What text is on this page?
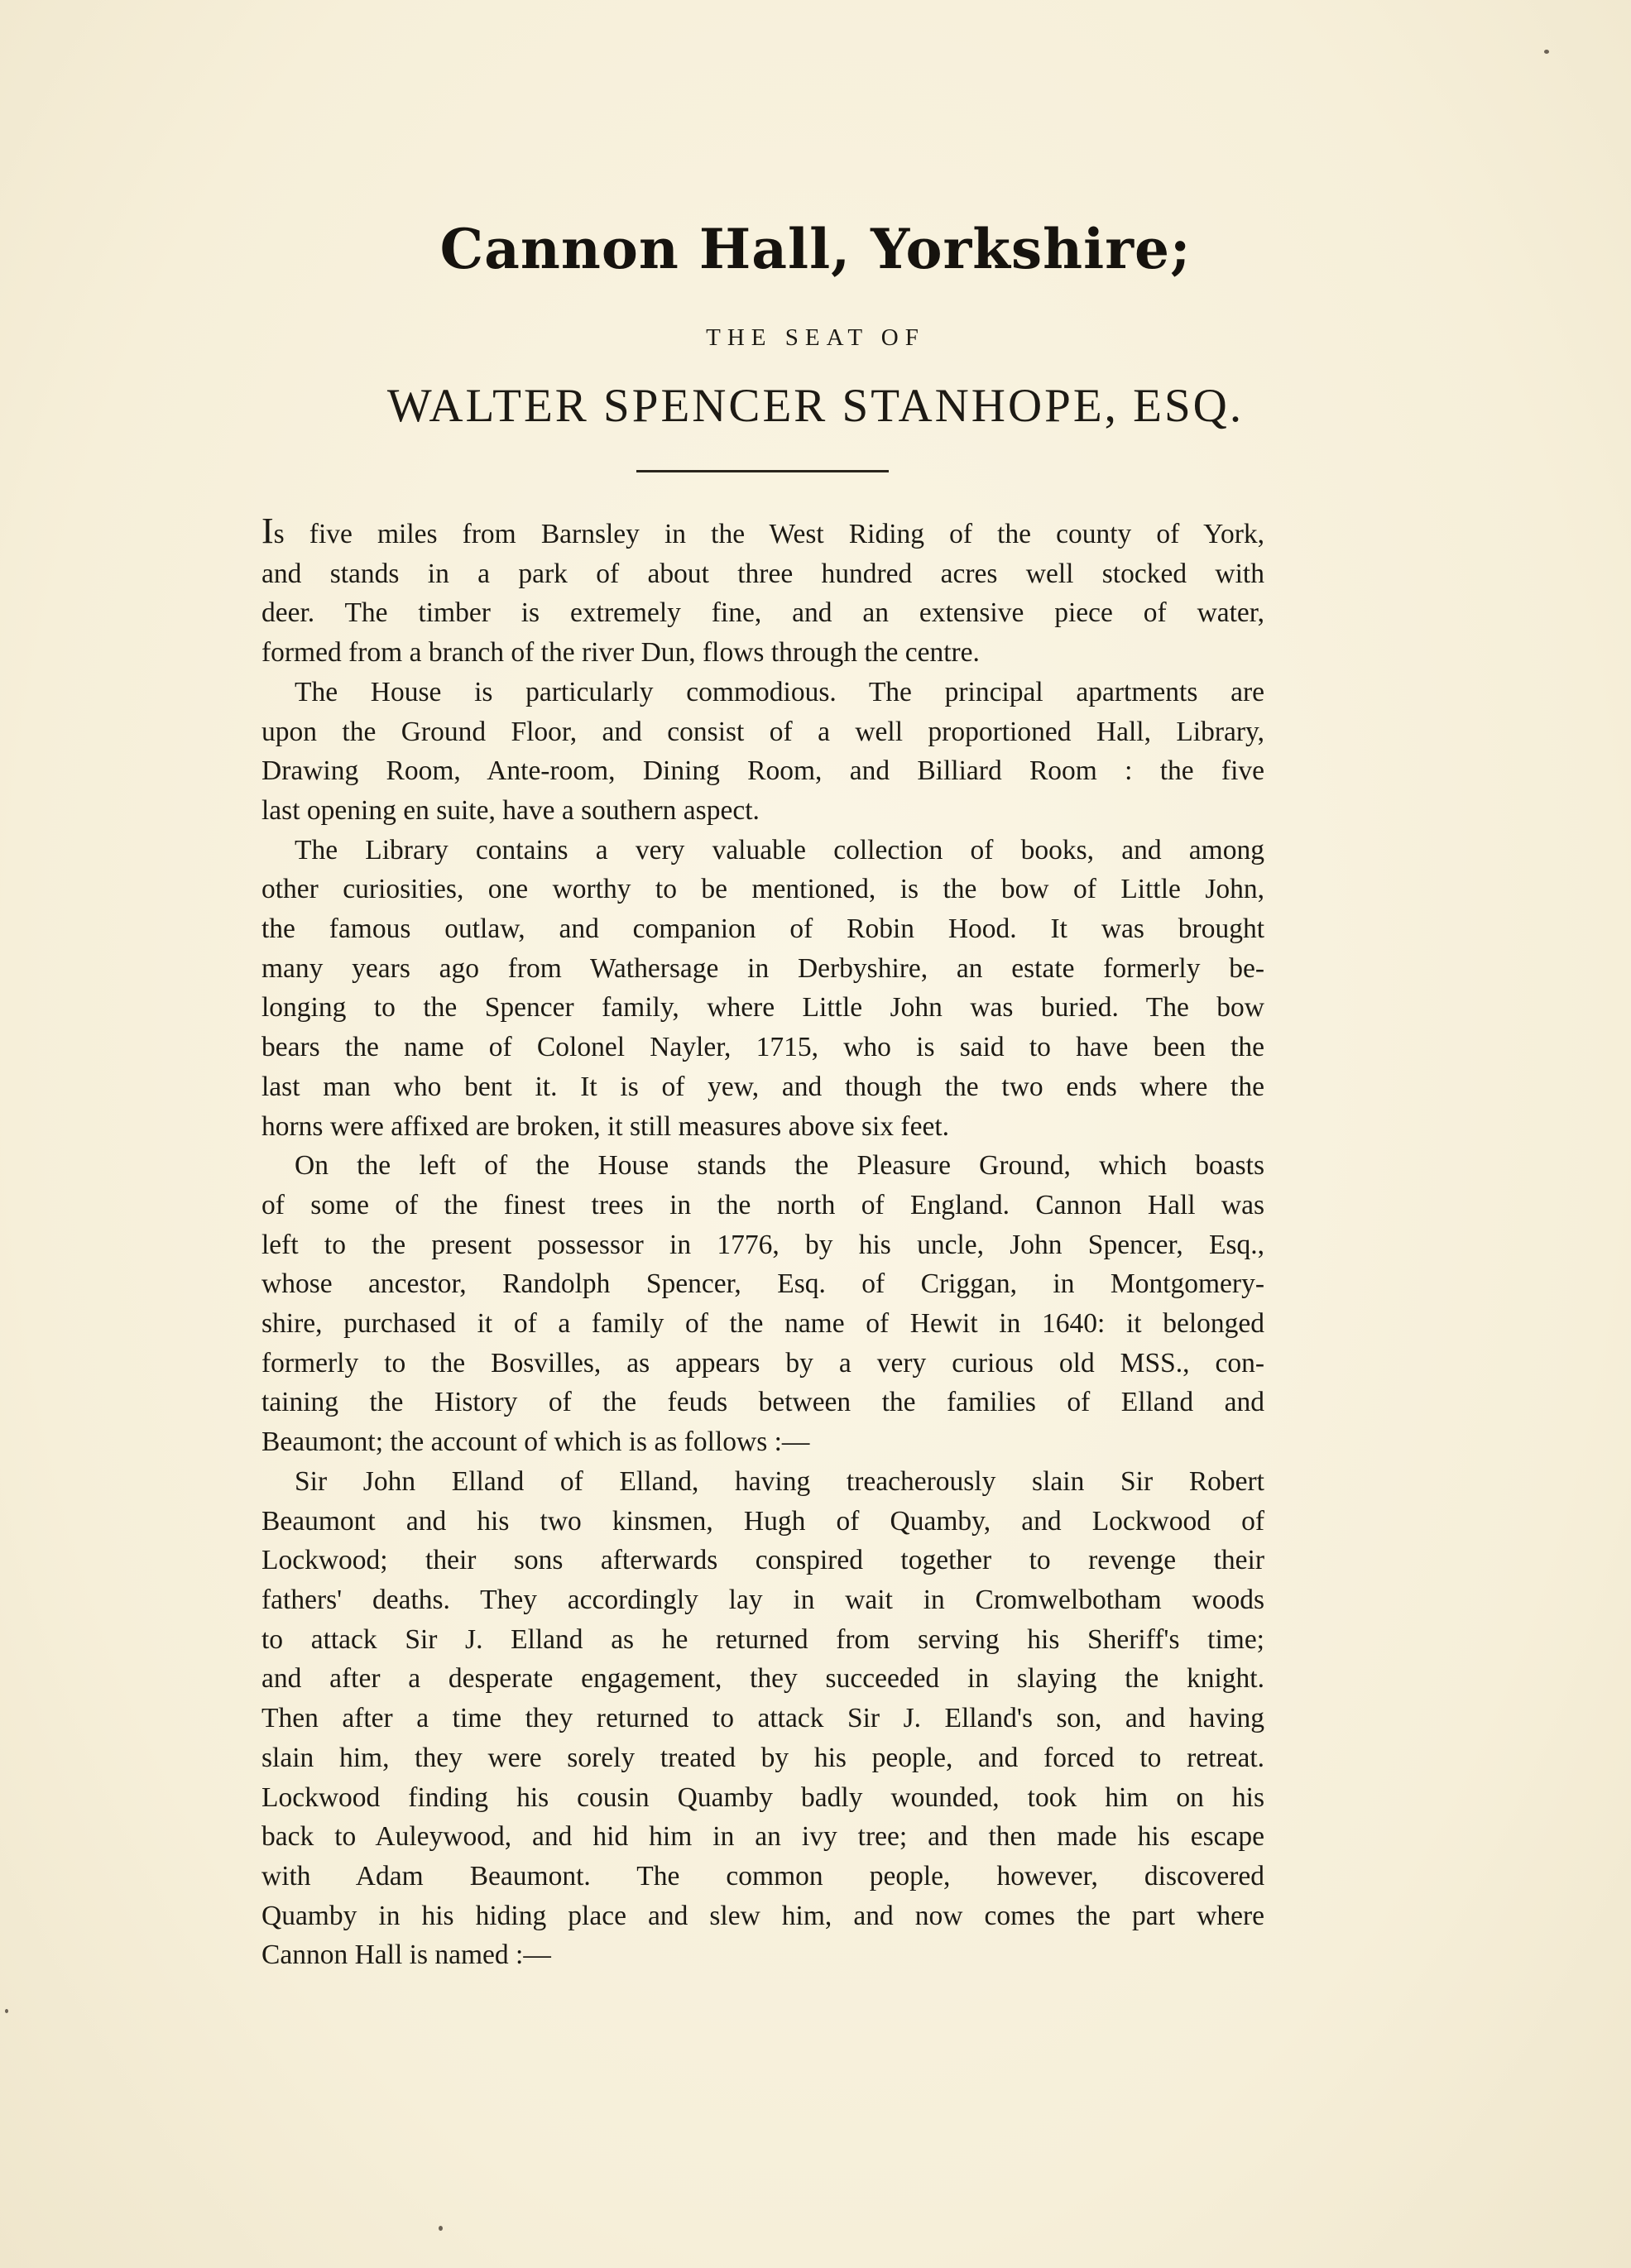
Cannon Hall, Yorkshire;
THE SEAT OF
WALTER SPENCER STANHOPE, ESQ.
Is five miles from Barnsley in the West Riding of the county of York,
and stands in a park of about three hundred acres well stocked with
deer. The timber is extremely fine, and an extensive piece of water,
formed from a branch of the river Dun, flows through the centre.
The House is particularly commodious. The principal apartments are
upon the Ground Floor, and consist of a well proportioned Hall, Library,
Drawing Room, Ante-room, Dining Room, and Billiard Room : the five
last opening en suite, have a southern aspect.
The Library contains a very valuable collection of books, and among
other curiosities, one worthy to be mentioned, is the bow of Little John,
the famous outlaw, and companion of Robin Hood. It was brought
many years ago from Wathersage in Derbyshire, an estate formerly be-
longing to the Spencer family, where Little John was buried. The bow
bears the name of Colonel Nayler, 1715, who is said to have been the
last man who bent it. It is of yew, and though the two ends where the
horns were affixed are broken, it still measures above six feet.
On the left of the House stands the Pleasure Ground, which boasts
of some of the finest trees in the north of England. Cannon Hall was
left to the present possessor in 1776, by his uncle, John Spencer, Esq.,
whose ancestor, Randolph Spencer, Esq. of Criggan, in Montgomery-
shire, purchased it of a family of the name of Hewit in 1640: it belonged
formerly to the Bosvilles, as appears by a very curious old MSS., con-
taining the History of the feuds between the families of Elland and
Beaumont; the account of which is as follows :—
Sir John Elland of Elland, having treacherously slain Sir Robert
Beaumont and his two kinsmen, Hugh of Quamby, and Lockwood of
Lockwood; their sons afterwards conspired together to revenge their
fathers' deaths. They accordingly lay in wait in Cromwelbotham woods
to attack Sir J. Elland as he returned from serving his Sheriff's time;
and after a desperate engagement, they succeeded in slaying the knight.
Then after a time they returned to attack Sir J. Elland's son, and having
slain him, they were sorely treated by his people, and forced to retreat.
Lockwood finding his cousin Quamby badly wounded, took him on his
back to Auleywood, and hid him in an ivy tree; and then made his escape
with Adam Beaumont. The common people, however, discovered
Quamby in his hiding place and slew him, and now comes the part where
Cannon Hall is named :—
